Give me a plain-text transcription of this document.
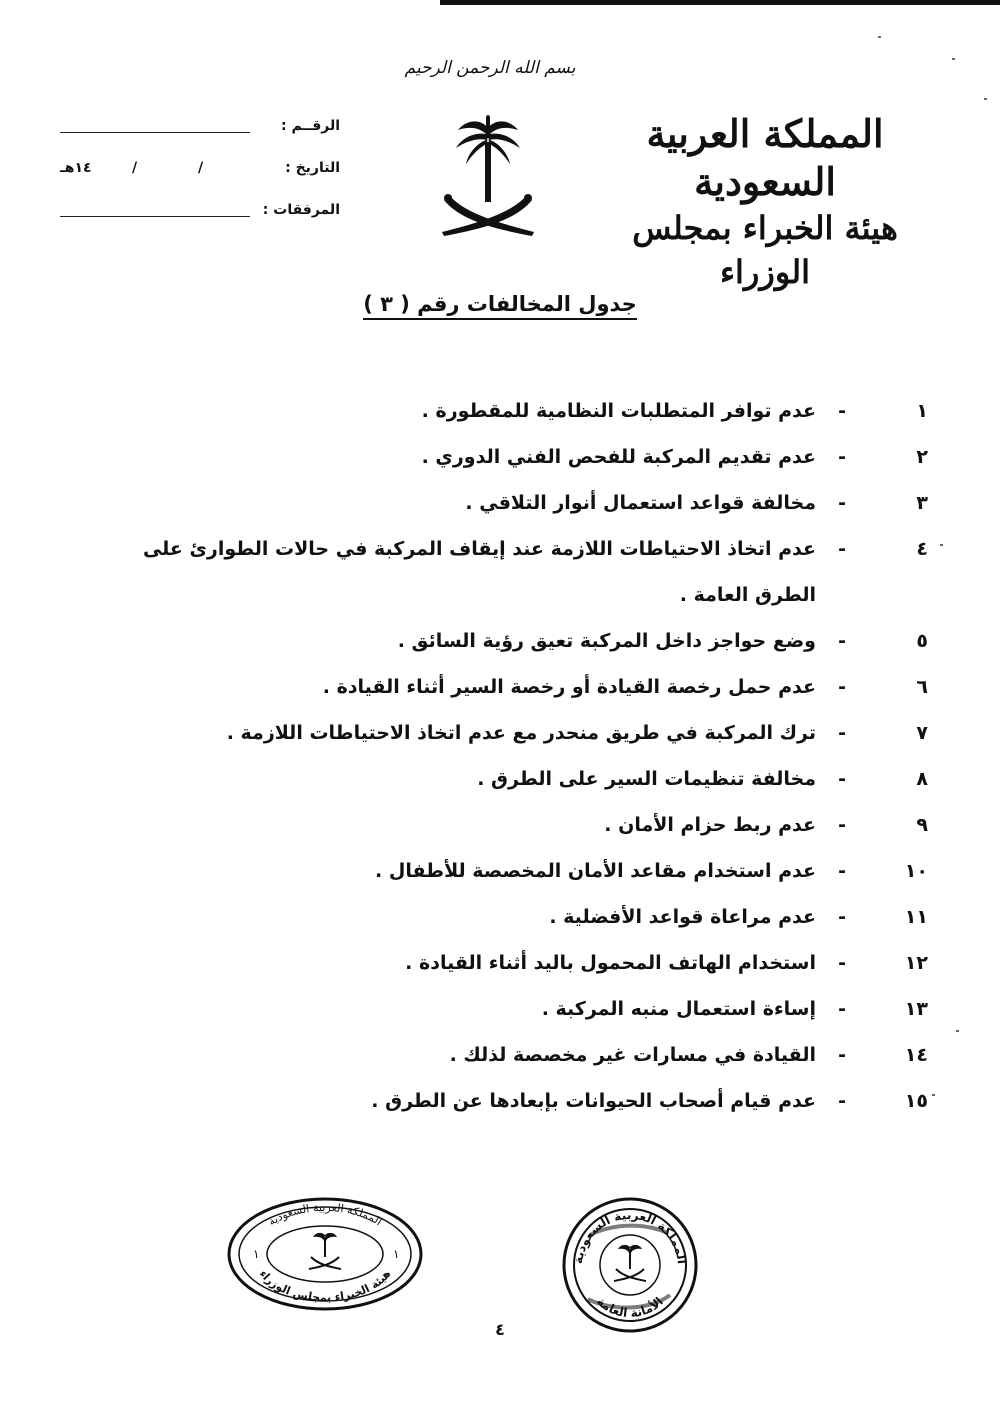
بسم الله الرحمن الرحيم
المملكة العربية السعودية
هيئة الخبراء بمجلس الوزراء
الرقــم :
التاريخ :
١٤هـ	/	/
المرفقات :
جدول المخالفات رقم ( ٣ )
١
-
عدم توافر المتطلبات النظامية للمقطورة .
٢
-
عدم تقديم المركبة للفحص الفني الدوري .
٣
-
مخالفة قواعد استعمال أنوار التلاقي .
٤
-
عدم اتخاذ الاحتياطات اللازمة عند إيقاف المركبة في حالات الطوارئ على الطرق العامة .
٥
-
وضع حواجز داخل المركبة تعيق رؤية السائق .
٦
-
عدم حمل رخصة القيادة أو رخصة السير أثناء القيادة .
٧
-
ترك المركبة في طريق منحدر مع عدم اتخاذ الاحتياطات اللازمة .
٨
-
مخالفة تنظيمات السير على الطرق .
٩
-
عدم ربط حزام الأمان .
١٠
-
عدم استخدام مقاعد الأمان المخصصة للأطفال .
١١
-
عدم مراعاة قواعد الأفضلية .
١٢
-
استخدام الهاتف المحمول باليد أثناء القيادة .
١٣
-
إساءة استعمال منبه المركبة .
١٤
-
القيادة في مسارات غير مخصصة لذلك .
١٥
-
عدم قيام أصحاب الحيوانات بإبعادها عن الطرق .
المملكة العربية السعودية
هيئة الخبراء بمجلس الوزراء
١	١	المملكة العربية السعودية
الأمانة العامة
٤
